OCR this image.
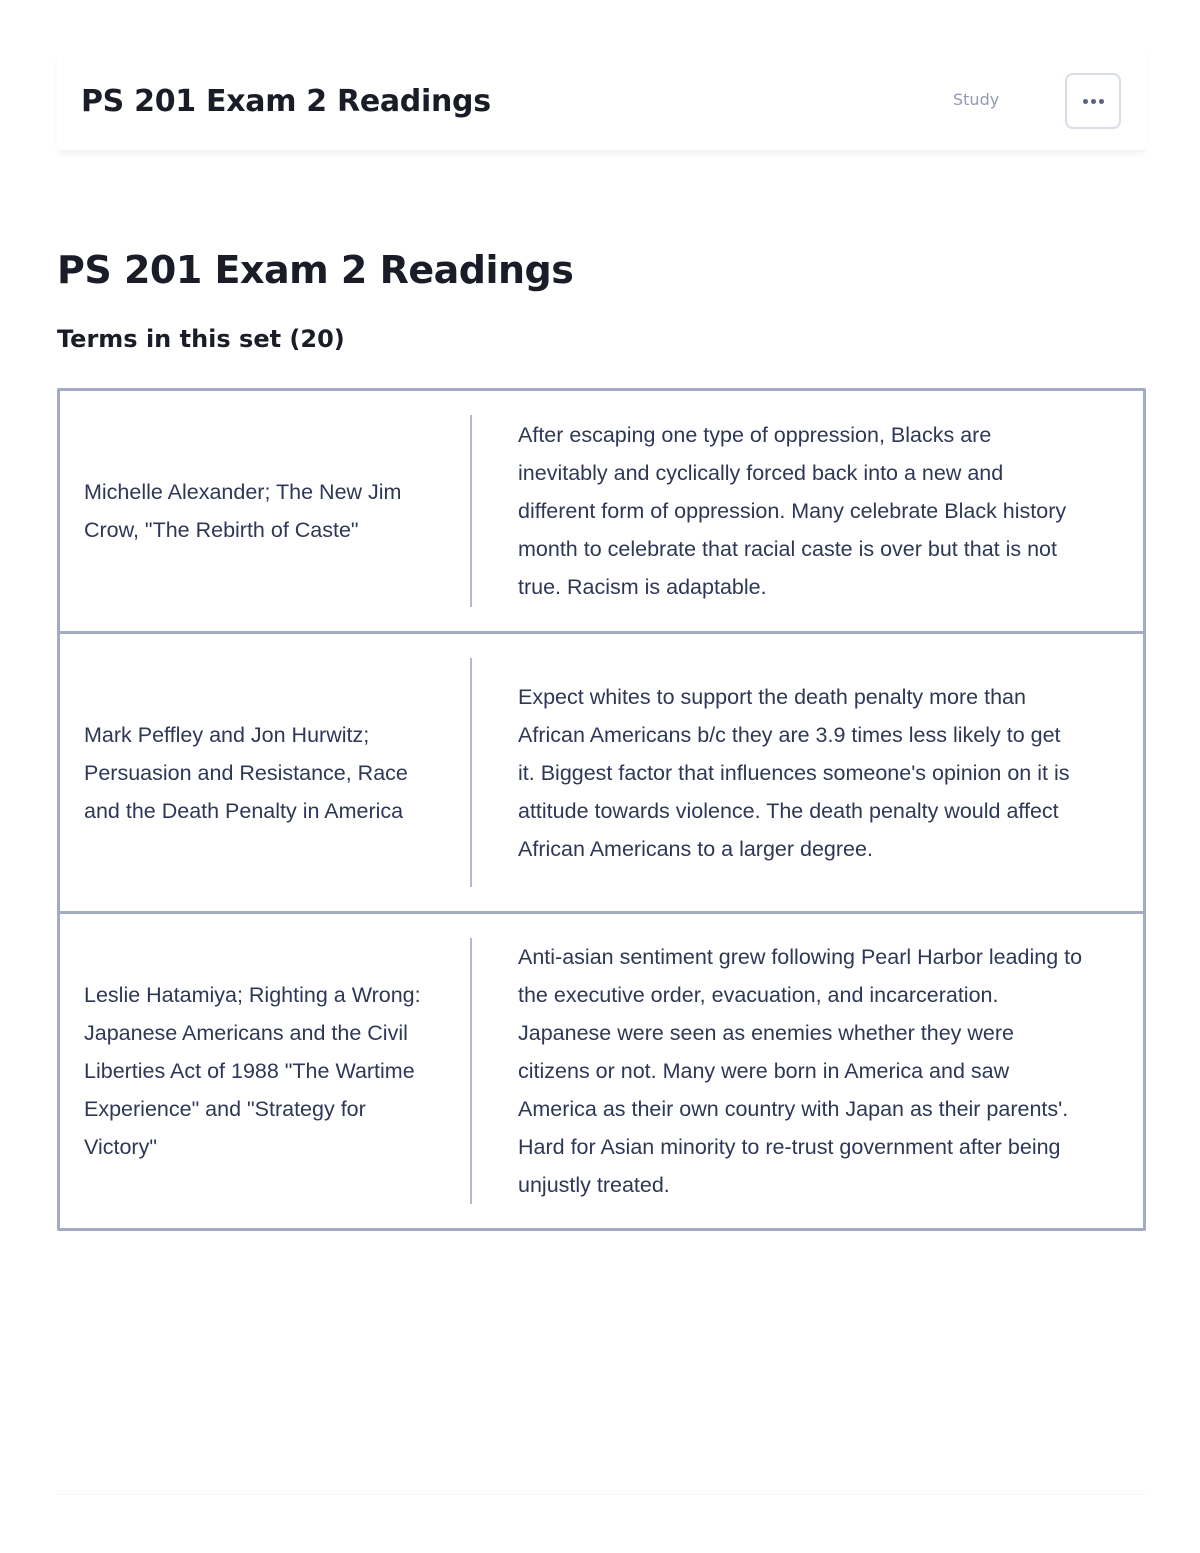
PS 201 Exam 2 Readings	Study
PS 201 Exam 2 Readings
Terms in this set (20)
Michelle Alexander; The New Jim Crow, "The Rebirth of Caste"
After escaping one type of oppression, Blacks are inevitably and cyclically forced back into a new and different form of oppression. Many celebrate Black history month to celebrate that racial caste is over but that is not true. Racism is adaptable.
Mark Peffley and Jon Hurwitz; Persuasion and Resistance, Race and the Death Penalty in America
Expect whites to support the death penalty more than African Americans b/c they are 3.9 times less likely to get it. Biggest factor that influences someone's opinion on it is attitude towards violence. The death penalty would affect African Americans to a larger degree.
Leslie Hatamiya; Righting a Wrong: Japanese Americans and the Civil Liberties Act of 1988 "The Wartime Experience" and "Strategy for Victory"
Anti-asian sentiment grew following Pearl Harbor leading to the executive order, evacuation, and incarceration. Japanese were seen as enemies whether they were citizens or not. Many were born in America and saw America as their own country with Japan as their parents'. Hard for Asian minority to re-trust government after being unjustly treated.
